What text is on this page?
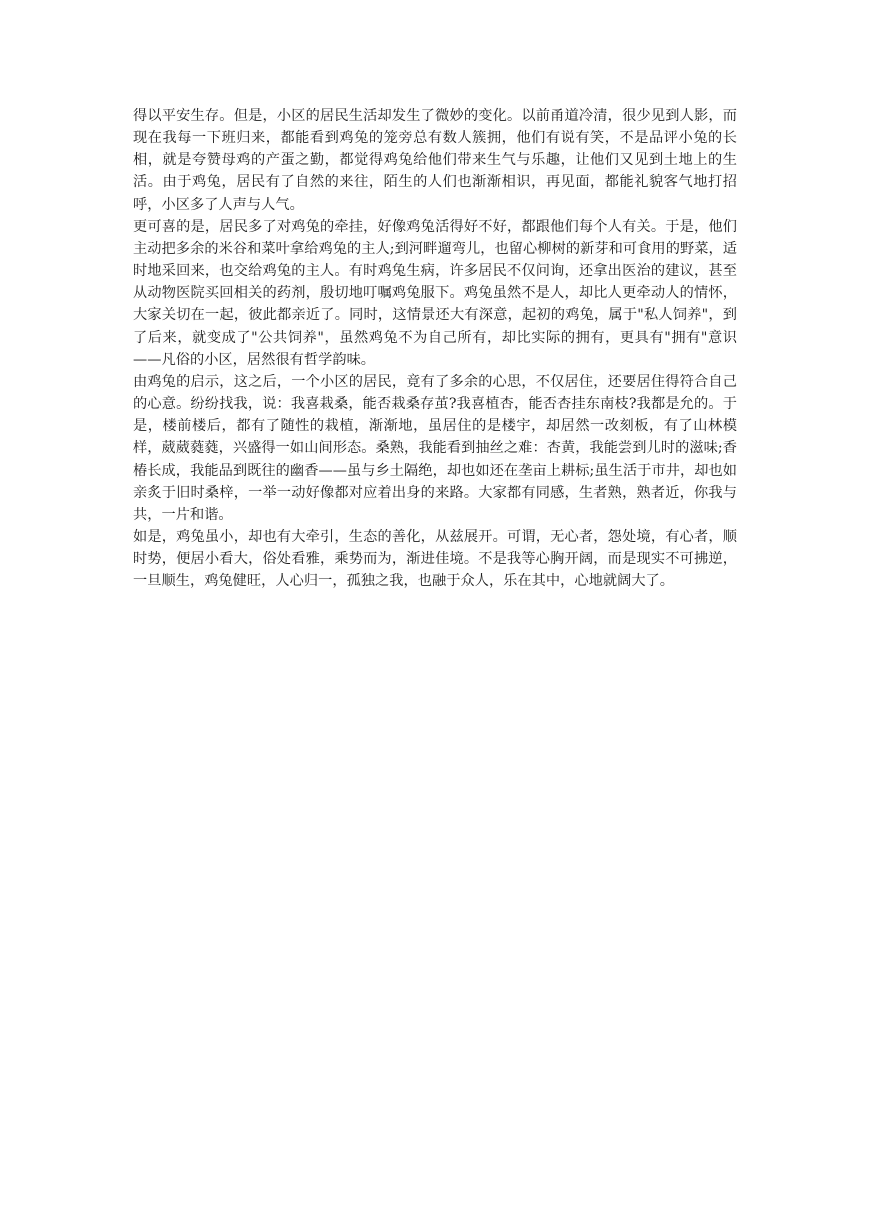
得以平安生存。但是，小区的居民生活却发生了微妙的变化。以前甬道冷清，很少见到人影，而现在我每一下班归来，都能看到鸡兔的笼旁总有数人簇拥，他们有说有笑，不是品评小兔的长相，就是夸赞母鸡的产蛋之勤，都觉得鸡兔给他们带来生气与乐趣，让他们又见到土地上的生活。由于鸡兔，居民有了自然的来往，陌生的人们也渐渐相识，再见面，都能礼貌客气地打招呼，小区多了人声与人气。

更可喜的是，居民多了对鸡兔的牵挂，好像鸡兔活得好不好，都跟他们每个人有关。于是，他们主动把多余的米谷和菜叶拿给鸡兔的主人;到河畔遛弯儿，也留心柳树的新芽和可食用的野菜，适时地采回来，也交给鸡兔的主人。有时鸡兔生病，许多居民不仅问询，还拿出医治的建议，甚至从动物医院买回相关的药剂，殷切地叮嘱鸡兔服下。鸡兔虽然不是人，却比人更牵动人的情怀，大家关切在一起，彼此都亲近了。同时，这情景还大有深意，起初的鸡兔，属于"私人饲养"，到了后来，就变成了"公共饲养"，虽然鸡兔不为自己所有，却比实际的拥有，更具有"拥有"意识——凡俗的小区，居然很有哲学韵味。

由鸡兔的启示，这之后，一个小区的居民，竟有了多余的心思，不仅居住，还要居住得符合自己的心意。纷纷找我，说：我喜栽桑，能否栽桑存茧?我喜植杏，能否杏挂东南枝?我都是允的。于是，楼前楼后，都有了随性的栽植，渐渐地，虽居住的是楼宇，却居然一改刻板，有了山林模样，葳葳蕤蕤，兴盛得一如山间形态。桑熟，我能看到抽丝之难：杏黄，我能尝到儿时的滋味;香椿长成，我能品到既往的幽香——虽与乡土隔绝，却也如还在垄亩上耕标;虽生活于市井，却也如亲炙于旧时桑梓，一举一动好像都对应着出身的来路。大家都有同感，生者熟，熟者近，你我与共，一片和谐。

如是，鸡兔虽小，却也有大牵引，生态的善化，从兹展开。可谓，无心者，怨处境，有心者，顺时势，便居小看大，俗处看雅，乘势而为，渐进佳境。不是我等心胸开阔，而是现实不可拂逆，一旦顺生，鸡兔健旺，人心归一，孤独之我，也融于众人，乐在其中，心地就阔大了。
